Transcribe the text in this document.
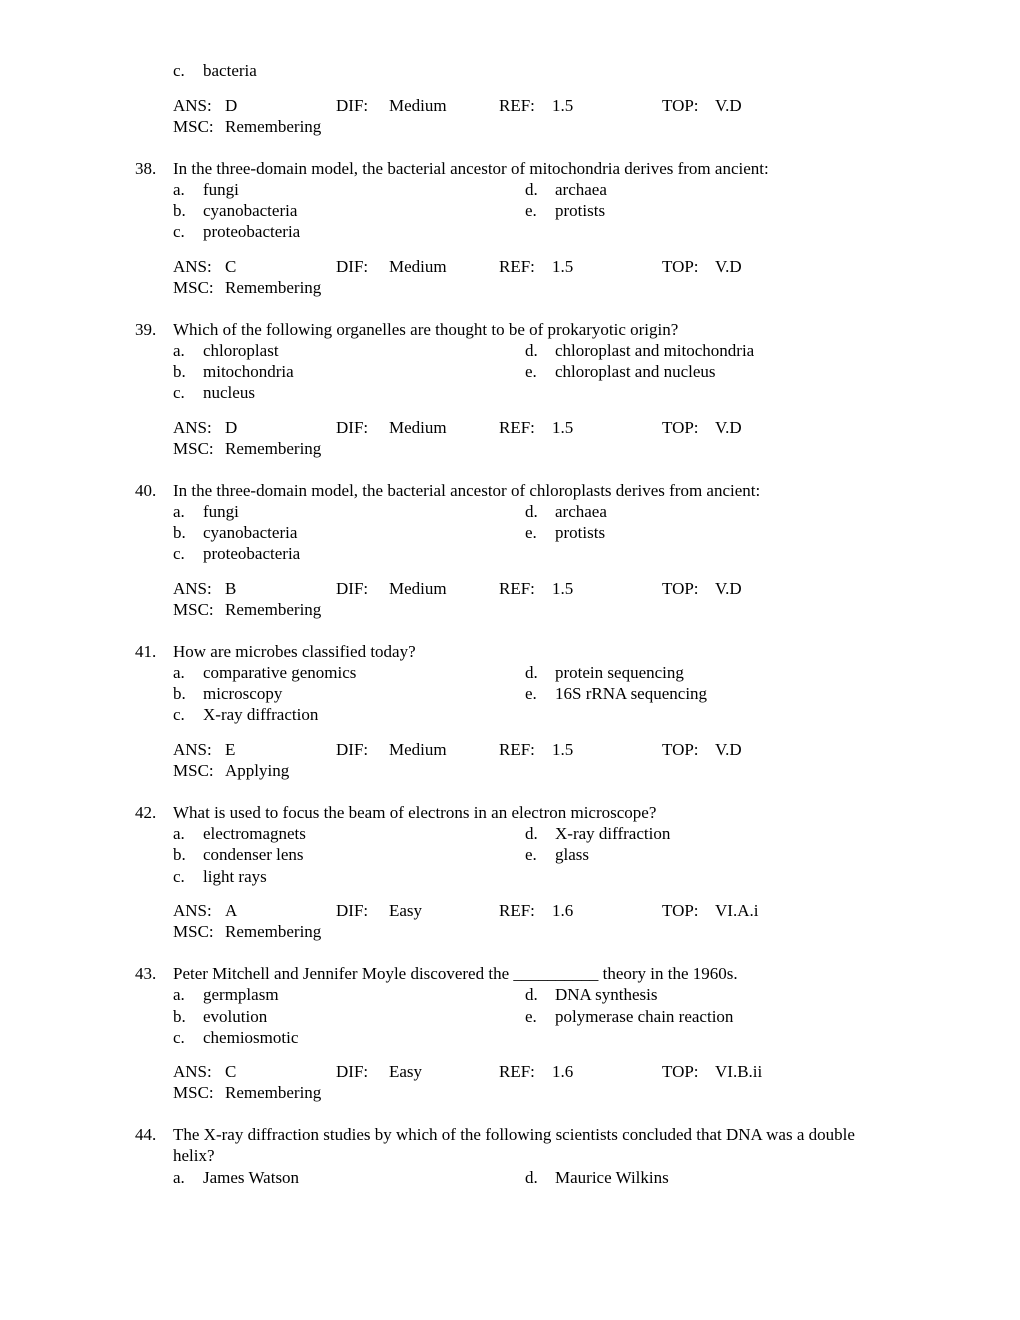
c. bacteria
ANS: D	DIF: Medium	REF: 1.5	TOP: V.D
MSC: Remembering
38. In the three-domain model, the bacterial ancestor of mitochondria derives from ancient:
a. fungi
b. cyanobacteria
c. proteobacteria
d. archaea
e. protists
ANS: C	DIF: Medium	REF: 1.5	TOP: V.D
MSC: Remembering
39. Which of the following organelles are thought to be of prokaryotic origin?
a. chloroplast
b. mitochondria
c. nucleus
d. chloroplast and mitochondria
e. chloroplast and nucleus
ANS: D	DIF: Medium	REF: 1.5	TOP: V.D
MSC: Remembering
40. In the three-domain model, the bacterial ancestor of chloroplasts derives from ancient:
a. fungi
b. cyanobacteria
c. proteobacteria
d. archaea
e. protists
ANS: B	DIF: Medium	REF: 1.5	TOP: V.D
MSC: Remembering
41. How are microbes classified today?
a. comparative genomics
b. microscopy
c. X-ray diffraction
d. protein sequencing
e. 16S rRNA sequencing
ANS: E	DIF: Medium	REF: 1.5	TOP: V.D
MSC: Applying
42. What is used to focus the beam of electrons in an electron microscope?
a. electromagnets
b. condenser lens
c. light rays
d. X-ray diffraction
e. glass
ANS: A	DIF: Easy	REF: 1.6	TOP: VI.A.i
MSC: Remembering
43. Peter Mitchell and Jennifer Moyle discovered the __________ theory in the 1960s.
a. germplasm
b. evolution
c. chemiosmotic
d. DNA synthesis
e. polymerase chain reaction
ANS: C	DIF: Easy	REF: 1.6	TOP: VI.B.ii
MSC: Remembering
44. The X-ray diffraction studies by which of the following scientists concluded that DNA was a double
helix?
a. James Watson	d. Maurice Wilkins
